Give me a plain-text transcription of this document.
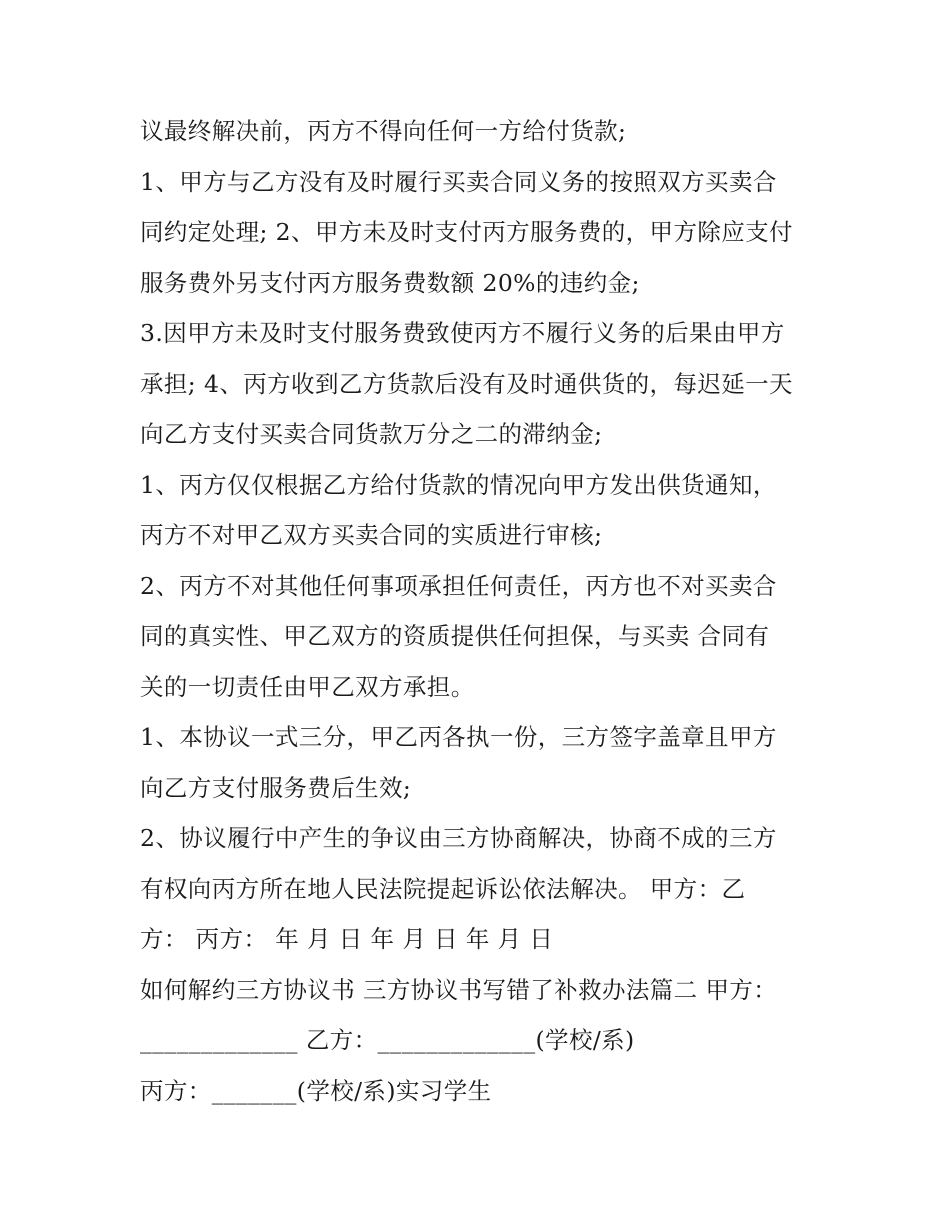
议最终解决前，丙方不得向任何一方给付货款;
1、甲方与乙方没有及时履行买卖合同义务的按照双方买卖合
同约定处理; 2、甲方未及时支付丙方服务费的，甲方除应支付
服务费外另支付丙方服务费数额 20%的违约金;
3.因甲方未及时支付服务费致使丙方不履行义务的后果由甲方
承担; 4、丙方收到乙方货款后没有及时通供货的，每迟延一天
向乙方支付买卖合同货款万分之二的滞纳金;
1、丙方仅仅根据乙方给付货款的情况向甲方发出供货通知，
丙方不对甲乙双方买卖合同的实质进行审核;
2、丙方不对其他任何事项承担任何责任，丙方也不对买卖合
同的真实性、甲乙双方的资质提供任何担保，与买卖 合同有
关的一切责任由甲乙双方承担。
1、本协议一式三分，甲乙丙各执一份，三方签字盖章且甲方
向乙方支付服务费后生效;
2、协议履行中产生的争议由三方协商解决，协商不成的三方
有权向丙方所在地人民法院提起诉讼依法解决。 甲方：乙
方： 丙方： 年 月 日 年 月 日 年 月 日
如何解约三方协议书 三方协议书写错了补救办法篇二 甲方：
_____________ 乙方：_____________(学校/系)
丙方：_______(学校/系)实习学生
